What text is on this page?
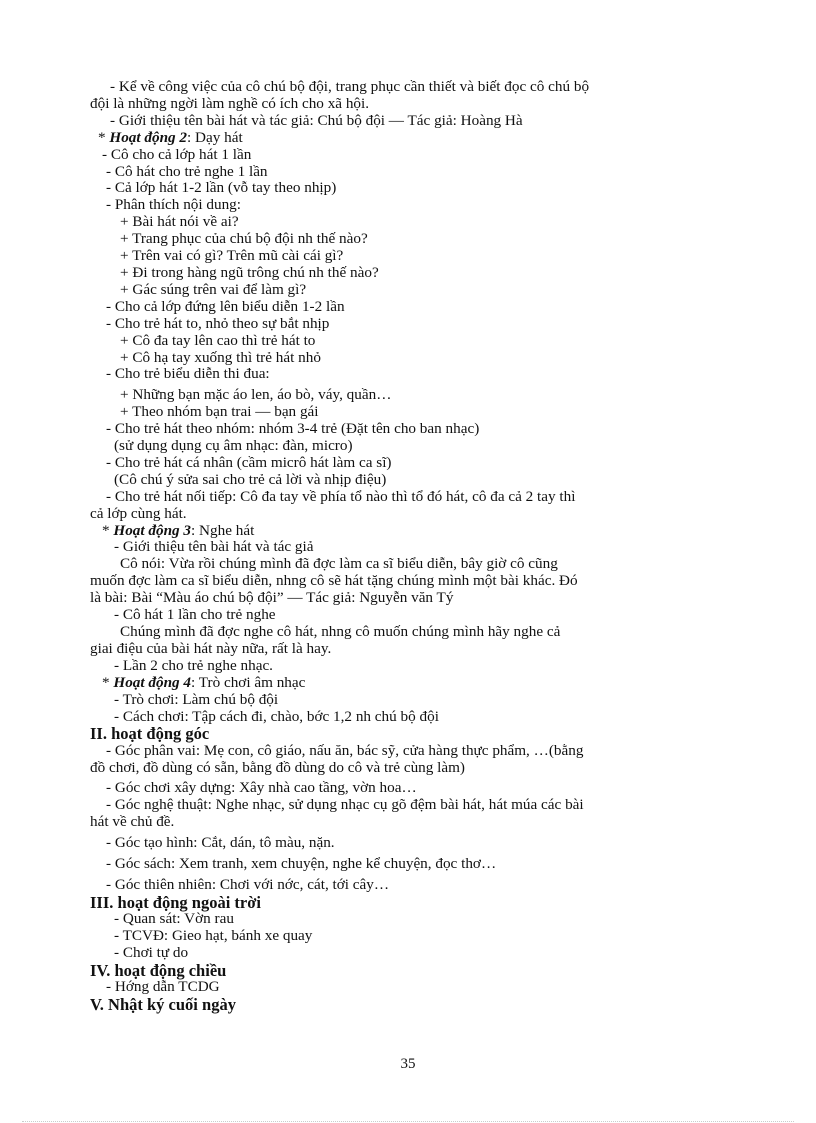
- Kể về công việc của cô chú bộ đội, trang phục cần thiết và biết đọc cô chú bộ

đội là những ngời làm nghề có ích cho xã hội.

- Giới thiệu tên bài hát và tác giả: Chú bộ đội — Tác giả: Hoàng Hà

* Hoạt động 2: Dạy hát

- Cô cho cả lớp hát 1 lần

- Cô hát cho trẻ nghe 1 lần

- Cả lớp hát 1-2 lần (vỗ tay theo nhịp)

- Phân thích nội dung:

+ Bài hát nói về ai?

+ Trang phục của chú bộ đội nh thế nào?

+ Trên vai có gì? Trên mũ cài cái gì?

+ Đi trong hàng ngũ trông chú nh thế nào?

+ Gác súng trên vai để làm gì?

- Cho cả lớp đứng lên biểu diễn 1-2 lần

- Cho trẻ hát to, nhỏ theo sự bắt nhịp

+ Cô đa tay lên cao thì trẻ hát to

+ Cô hạ tay xuống thì trẻ hát nhỏ

- Cho trẻ biểu diễn thi đua:

+ Những bạn mặc áo len, áo bò, váy, quần…

+ Theo nhóm bạn trai — bạn gái

- Cho trẻ hát theo nhóm: nhóm 3-4 trẻ (Đặt tên cho ban nhạc)

(sử dụng dụng cụ âm nhạc: đàn, micro)

- Cho trẻ hát cá nhân (cầm micrô hát làm ca sĩ)

(Cô chú ý sửa sai cho trẻ cả lời và nhịp điệu)

- Cho trẻ hát nối tiếp: Cô đa tay về phía tổ nào thì tổ đó hát, cô đa cả 2 tay thì

cả lớp cùng hát.

* Hoạt động 3: Nghe hát

- Giới thiệu tên bài hát và tác giả

Cô nói: Vừa rồi chúng mình đã đợc làm ca sĩ biểu diễn, bây giờ cô cũng

muốn đợc làm ca sĩ biểu diễn, nhng cô sẽ hát tặng chúng mình một bài khác. Đó

là bài: Bài “Màu áo chú bộ đội” — Tác giả: Nguyễn văn Tý

- Cô hát 1 lần cho trẻ nghe

Chúng mình đã đợc nghe cô hát, nhng cô muốn chúng mình hãy nghe cả

giai điệu của bài hát này nữa, rất là hay.

- Lần 2 cho trẻ nghe nhạc.

* Hoạt động 4: Trò chơi âm nhạc

- Trò chơi: Làm chú bộ đội

- Cách chơi: Tập cách đi, chào, bớc 1,2 nh chú bộ đội

II. hoạt động góc

- Góc phân vai: Mẹ con, cô giáo, nấu ăn, bác sỹ, cửa hàng thực phẩm, …(bằng

đồ chơi, đồ dùng có sẵn, bằng đồ dùng do cô và trẻ cùng làm)

- Góc chơi xây dựng: Xây nhà cao tầng, vờn hoa…

- Góc nghệ thuật: Nghe nhạc, sử dụng nhạc cụ gõ đệm bài hát, hát múa các bài

hát về chủ đề.

- Góc tạo hình: Cắt, dán, tô màu, nặn.

- Góc sách: Xem tranh, xem chuyện, nghe kể chuyện, đọc thơ…

- Góc thiên nhiên: Chơi với nớc, cát, tới cây…

III. hoạt động ngoài trời

- Quan sát: Vờn rau

- TCVĐ: Gieo hạt, bánh xe quay

- Chơi tự do

IV. hoạt động chiều

- Hớng dẫn TCDG

V. Nhật ký cuối ngày

35
